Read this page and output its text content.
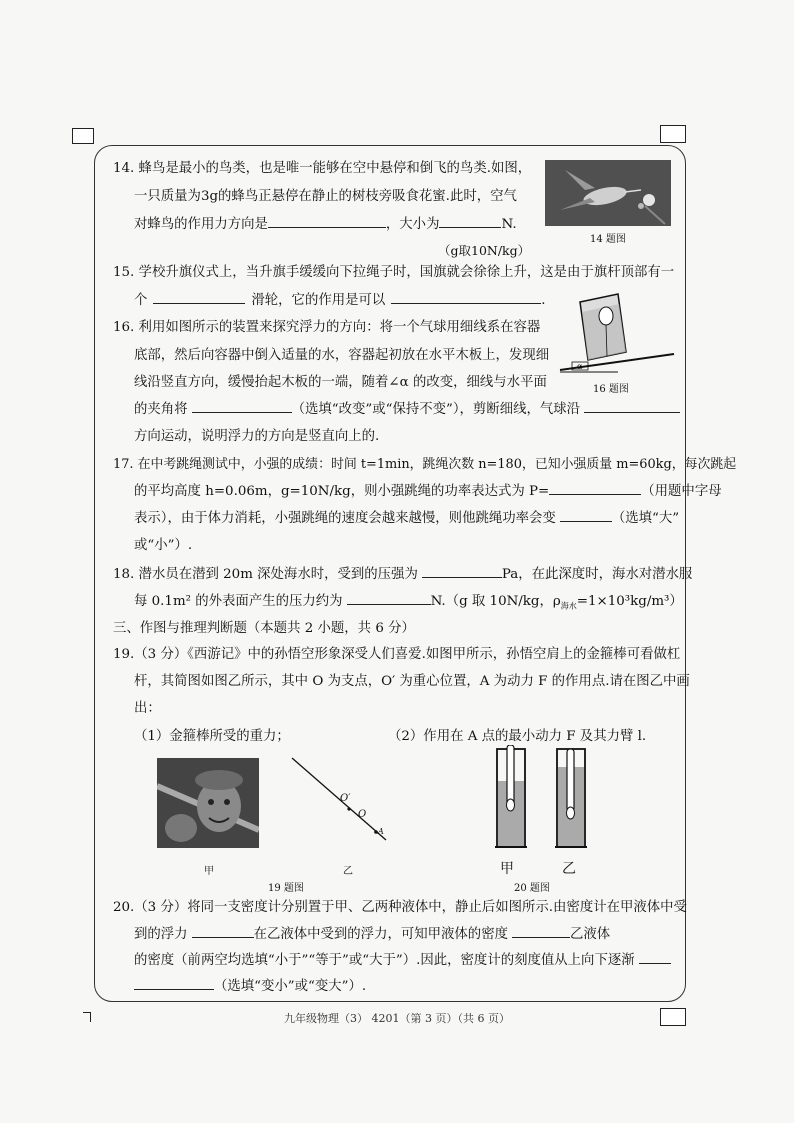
14. 蜂鸟是最小的鸟类，也是唯一能够在空中悬停和倒飞的鸟类.如图，
一只质量为3g的蜂鸟正悬停在静止的树枝旁吸食花蜜.此时，空气
对蜂鸟的作用力方向是	，大小为	N.
（g取10N/kg）
14 题图
15. 学校升旗仪式上，当升旗手缓缓向下拉绳子时，国旗就会徐徐上升，这是由于旗杆顶部有一
个	滑轮，它的作用是可以	.
16. 利用如图所示的装置来探究浮力的方向：将一个气球用细线系在容器
底部，然后向容器中倒入适量的水，容器起初放在水平木板上，发现细
线沿竖直方向，缓慢抬起木板的一端，随着∠α 的改变，细线与水平面
的夹角将	（选填“改变”或“保持不变”），剪断细线，气球沿
方向运动，说明浮力的方向是竖直向上的.
α
16 题图
17. 在中考跳绳测试中，小强的成绩：时间 t=1min，跳绳次数 n=180，已知小强质量 m=60kg，每次跳起
的平均高度 h=0.06m，g=10N/kg，则小强跳绳的功率表达式为 P=	（用题中字母
表示），由于体力消耗，小强跳绳的速度会越来越慢，则他跳绳功率会变	（选填“大”
或“小”）.
18. 潜水员在潜到 20m 深处海水时，受到的压强为	Pa，在此深度时，海水对潜水服
每 0.1m² 的外表面产生的压力约为	N.（g 取 10N/kg，$\rho_{海水}=1\times 10^3kg/m^3$）
三、作图与推理判断题（本题共 2 小题，共 6 分）
19.（3 分）《西游记》中的孙悟空形象深受人们喜爱.如图甲所示，孙悟空肩上的金箍棒可看做杠
杆，其简图如图乙所示，其中 O 为支点，O′ 为重心位置，A 为动力 F 的作用点.请在图乙中画
出：
（1）金箍棒所受的重力；	（2）作用在 A 点的最小动力 F 及其力臂 l.
甲
O′
O
A
乙
19 题图
甲	乙
20 题图
20.（3 分）将同一支密度计分别置于甲、乙两种液体中，静止后如图所示.由密度计在甲液体中受
到的浮力	在乙液体中受到的浮力，可知甲液体的密度	乙液体
的密度（前两空均选填“小于”“等于”或“大于”）.因此，密度计的刻度值从上向下逐渐
（选填“变小”或“变大”）.
九年级物理（3） 4201（第 3 页）（共 6 页）
